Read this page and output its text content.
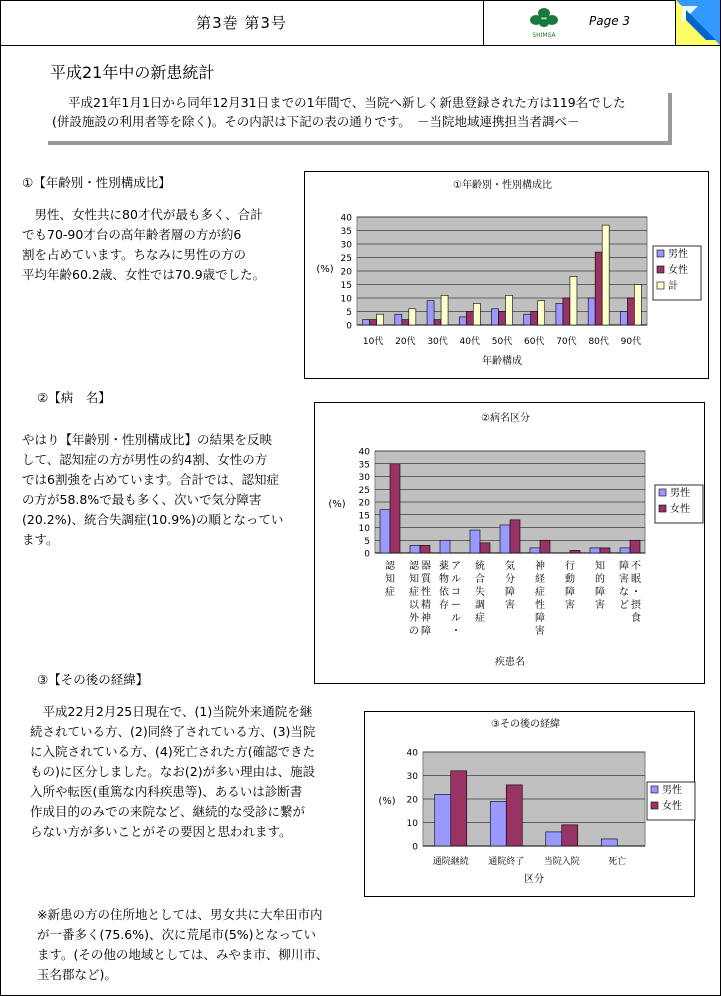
第3巻 第3号
SHIMSA
Page 3
平成21年中の新患統計

平成21年1月1日から同年12月31日までの1年間で、当院へ新しく新患登録された方は119名でした

(併設施設の利用者等を除く)。その内訳は下記の表の通りです。　－当院地域連携担当者調べ－
①【年齢別・性別構成比】
　男性、女性共に80才代が最も多く、合計
でも70-90才台の高年齢者層の方が約6
割を占めています。ちなみに男性の方の
平均年齢60.2歳、女性では70.9歳でした。
②【病　名】
やはり【年齢別・性別構成比】の結果を反映
して、認知症の方が男性の約4割、女性の方
では6割強を占めています。合計では、認知症
の方が58.8%で最も多く、次いで気分障害
(20.2%)、統合失調症(10.9%)の順となってい
ます。
③【その後の経緯】
　平成22月2月25日現在で、(1)当院外来通院を継
続されている方、(2)同終了されている方、(3)当院
に入院されている方、(4)死亡された方(確認できた
もの)に区分しました。なお(2)が多い理由は、施設
入所や転医(重篤な内科疾患等)、あるいは診断書
作成目的のみでの来院など、継続的な受診に繋が
らない方が多いことがその要因と思われます。
※新患の方の住所地としては、男女共に大牟田市内
が一番多く(75.6%)、次に荒尾市(5%)となってい
ます。(その他の地域としては、みやま市、柳川市、
玉名郡など)。
①年齢別・性別構成比
0
5
10
15
20
25
30
35
40
10代 20代 30代 40代 50代 60代 70代 80代 90代
年齢構成
(%)
男性
女性
計
②病名区分
0
5
10
15
20
25
30
35
40
認
知
症
器
質
性
精
神
障
認
知
症
以
外
の
ア
ル
コ
ー
ル
・
薬
物
依
存
統
合
失
調
症
気
分
障
害
神
経
症
性
障
害
行
動
障
害
知
的
障
害
不
眠
・
摂
食
障
害
な
ど
疾患名
(%)
男性
女性
③その後の経緯
0
10
20
30
40
通院継続 通院終了 当院入院	死亡
区分
(%)
男性
女性
